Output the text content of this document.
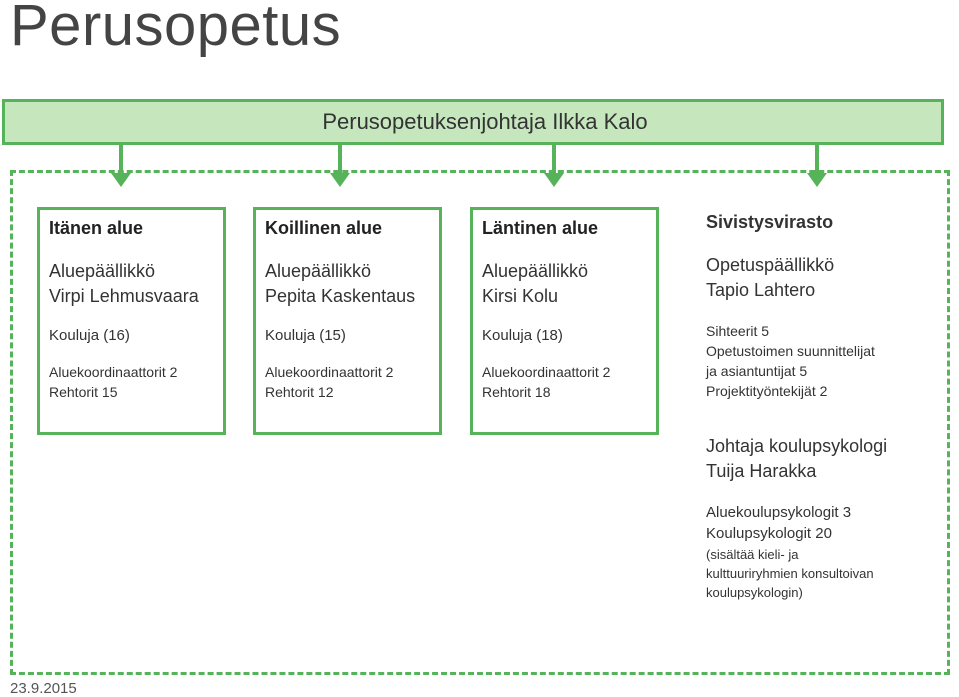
Perusopetus
Perusopetuksenjohtaja Ilkka Kalo
Itänen alue
Aluepäällikkö
Virpi Lehmusvaara
Kouluja (16)
Aluekoordinaattorit 2
Rehtorit 15
Koillinen alue
Aluepäällikkö
Pepita Kaskentaus
Kouluja (15)
Aluekoordinaattorit 2
Rehtorit 12
Läntinen alue
Aluepäällikkö
Kirsi Kolu
Kouluja (18)
Aluekoordinaattorit 2
Rehtorit 18
Sivistysvirasto
Opetuspäällikkö
Tapio Lahtero
Sihteerit 5
Opetustoimen suunnittelijat
ja asiantuntijat 5
Projektityöntekijät 2
Johtaja koulupsykologi
Tuija Harakka
Aluekoulupsykologit 3
Koulupsykologit 20
(sisältää kieli- ja
kulttuuriryhmien konsultoivan
koulupsykologin)
23.9.2015
